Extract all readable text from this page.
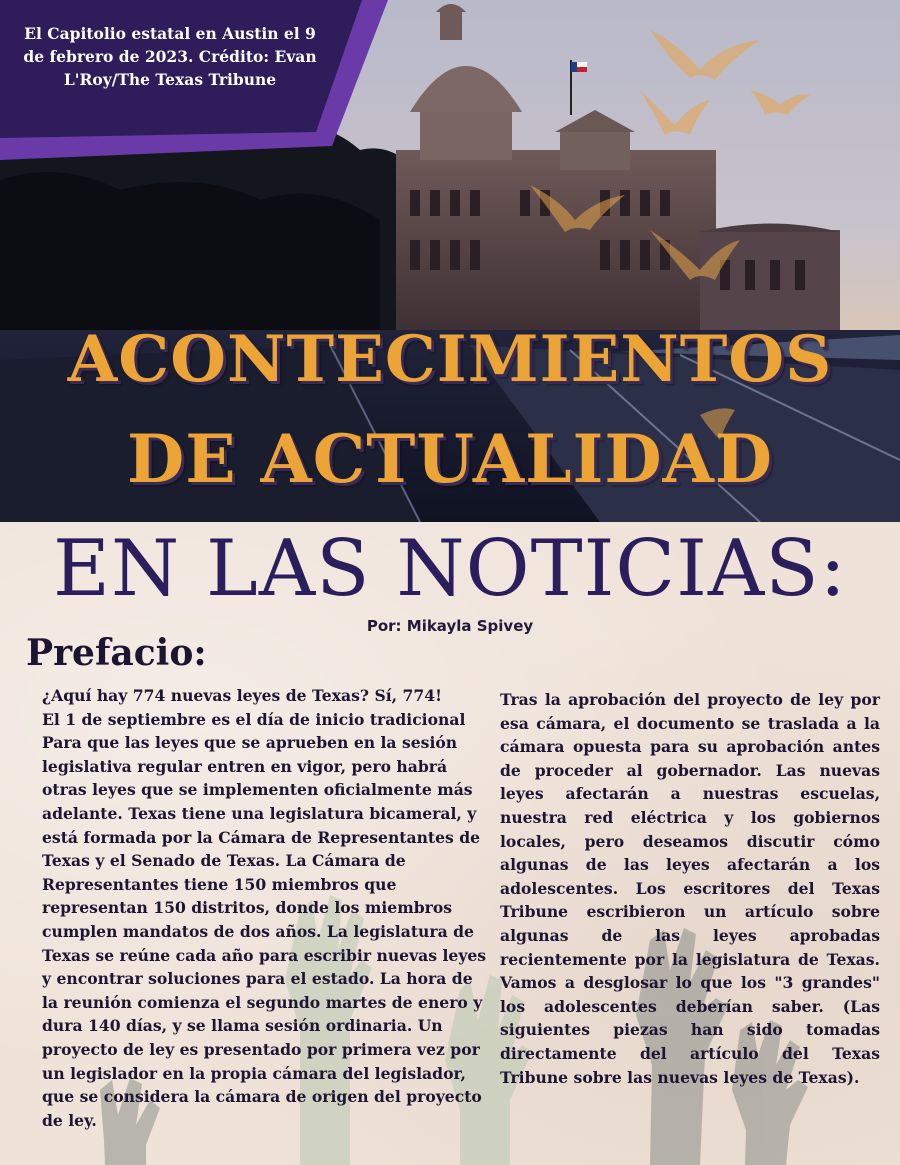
El Capitolio estatal en Austin el 9 de febrero de 2023. Crédito: Evan L'Roy/The Texas Tribune
ACONTECIMIENTOS
DE ACTUALIDAD
EN LAS NOTICIAS:
Por: Mikayla Spivey
Prefacio:

¿Aquí hay 774 nuevas leyes de Texas? Sí, 774!

El 1 de septiembre es el día de inicio tradicional Para que las leyes que se aprueben en la sesión legislativa regular entren en vigor, pero habrá otras leyes que se implementen oficialmente más adelante. Texas tiene una legislatura bicameral, y está formada por la Cámara de Representantes de Texas y el Senado de Texas. La Cámara de Representantes tiene 150 miembros que representan 150 distritos, donde los miembros cumplen mandatos de dos años. La legislatura de Texas se reúne cada año para escribir nuevas leyes y encontrar soluciones para el estado. La hora de la reunión comienza el segundo martes de enero y dura 140 días, y se llama sesión ordinaria. Un proyecto de ley es presentado por primera vez por un legislador en la propia cámara del legislador, que se considera la cámara de origen del proyecto de ley.

Tras la aprobación del proyecto de ley por esa cámara, el documento se traslada a la cámara opuesta para su aprobación antes de proceder al gobernador. Las nuevas leyes afectarán a nuestras escuelas, nuestra red eléctrica y los gobiernos locales, pero deseamos discutir cómo algunas de las leyes afectarán a los adolescentes. Los escritores del Texas Tribune escribieron un artículo sobre algunas de las leyes aprobadas recientemente por la legislatura de Texas. Vamos a desglosar lo que los "3 grandes" los adolescentes deberían saber. (Las siguientes piezas han sido tomadas directamente del artículo del Texas Tribune sobre las nuevas leyes de Texas).
